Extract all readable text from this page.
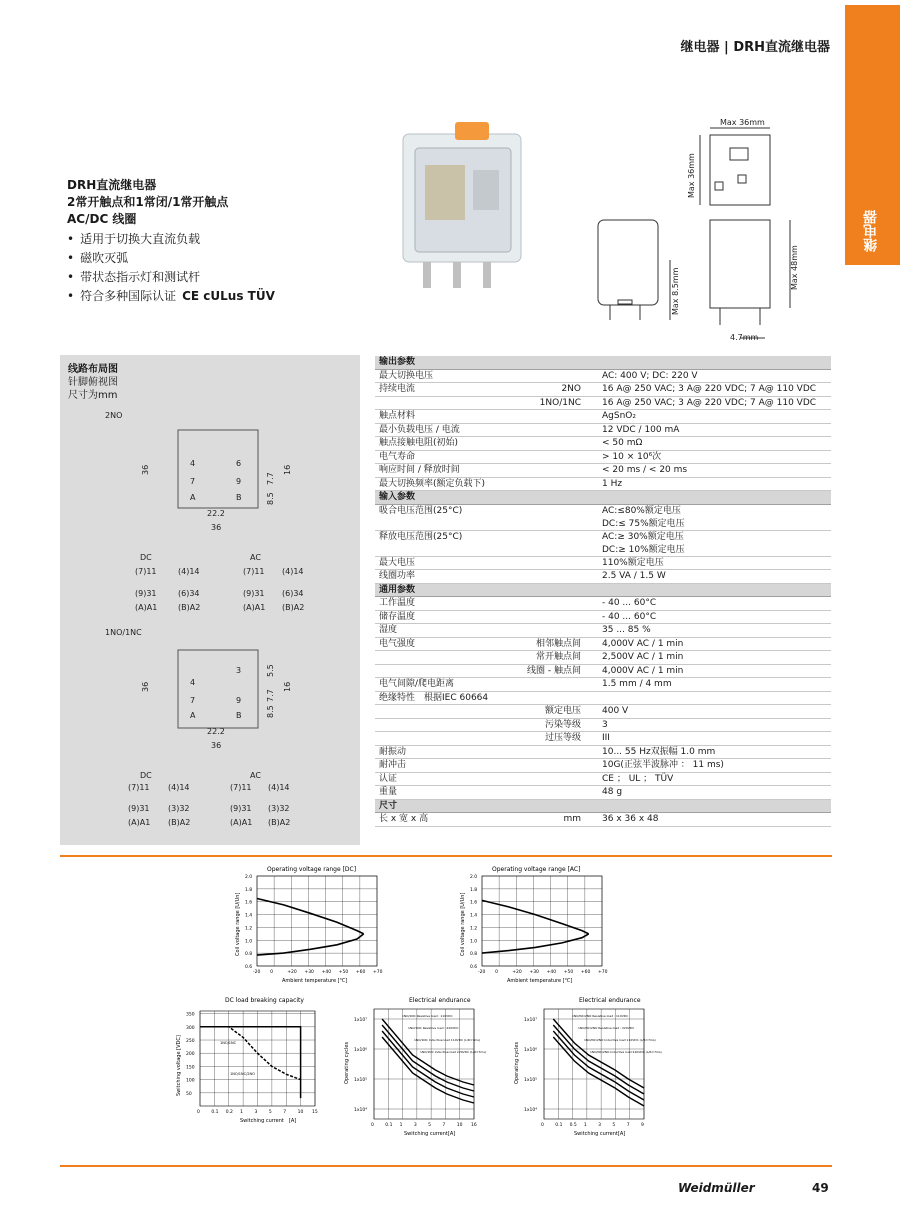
继电器
继电器 | DRH直流继电器
DRH直流继电器
2常开触点和1常闭/1常开触点
AC/DC 线圈
• 适用于切换大直流负载
• 磁吹灭弧
• 带状态指示灯和测试杆
• 符合多种国际认证 CE cULus TÜV
Max 36mm
Max 36mm
Max 8.5mm
Max 48mm
4.7mm
线路布局图
针脚俯视图
尺寸为mm
2NO
4
7
A
6
9
B
36
22.2
36
8.5
7.7
16
DC	AC
(7)11	(4)14
(9)31	(6)34
(A)A1	(B)A2
(7)11 (4)14
(9)31 (6)34
(A)A1 (B)A2
1NO/1NC
3
4
7
A
9
B
36
22.2
36
5.5
8.5
7.7
16
DC	AC
(7)11 (4)14
(9)31 (3)32
(A)A1 (B)A2
(7)11 (4)14
(9)31 (3)32
(A)A1 (B)A2
输出参数
最大切换电压	AC: 400 V; DC: 220 V
持续电流	2NO 16 A@ 250 VAC; 3 A@ 220 VDC; 7 A@ 110 VDC
1NO/1NC 16 A@ 250 VAC; 3 A@ 220 VDC; 7 A@ 110 VDC
触点材料	AgSnO₂
最小负载电压 / 电流	12 VDC / 100 mA
触点接触电阻(初始)	< 50 mΩ
电气寿命	> 10 × 10⁶次
响应时间 / 释放时间	< 20 ms / < 20 ms
最大切换频率(额定负载下)	1 Hz
输入参数
吸合电压范围(25°C)	AC:≤80%额定电压
DC:≤ 75%额定电压
释放电压范围(25°C)	AC:≥ 30%额定电压
DC:≥ 10%额定电压
最大电压	110%额定电压
线圈功率	2.5 VA / 1.5 W
通用参数
工作温度	- 40 ... 60°C
储存温度	- 40 ... 60°C
湿度	35 ... 85 %
电气强度	相邻触点间 4,000V AC / 1 min
常开触点间 2,500V AC / 1 min
线圈 - 触点间 4,000V AC / 1 min
电气间隙/爬电距离	1.5 mm / 4 mm
绝缘特性　根据IEC 60664
额定电压 400 V
污染等级 3
过压等级 III
耐振动	10... 55 Hz双振幅 1.0 mm
耐冲击	10G(正弦半波脉冲 ： 11 ms)
认证	CE ； UL ； TÜV
重量	48 g
尺寸
长 x 宽 x 高	mm 36 x 36 x 48
Operating voltage range [DC]
-20 0	+20 +30 +40 +50 +60 +70
0.6
0.8
1.0
1.2
1.4
1.6
1.8
2.0
Ambient temperature [℃]
Coil voltage range [U/Un]
Operating voltage range [AC]
-20 0	+20 +30 +40 +50 +60 +70
0.6
0.8
1.0
1.2
1.4
1.6
1.8
2.0
Ambient temperature [℃]
Coil voltage range [U/Un]
DC load breaking capacity
0	0.1 0.2 1	3	5	7	10 15
50
100
150
200
250
300
350
1NO/1NC
1NO/1NC/2NO
Switching current　[A]
Switching voltage [VDC]
Electrical endurance
0	0.1 1	3	5	7	10 16
1x10⁴
1x10⁵
1x10⁶
1x10⁷
1NO/1NC Resistive load : 110VDC
1NO/1NC Resistive load : 220VDC
1NO/1NC Inductive load 110VDC (L/R=7ms)
1NO/1NC Inductive load 220VDC (L/R=7ms)
Switching current[A]
Operating cycles
Electrical endurance
0	0.1 0.5 1	3	5	7	9
1x10⁴
1x10⁵
1x10⁶
1x10⁷
1NO/NC/2NO Resistive load : 110VDC
1NO/NC/2NO Resistive load : 220VDC
1NO/NC/2NO Inductive load 110VDC (L/R=7ms)
1NO/NC/2NO Inductive load 220VDC (L/R=7ms)
Switching current[A]
Operating cycles
Weidmüller	49
